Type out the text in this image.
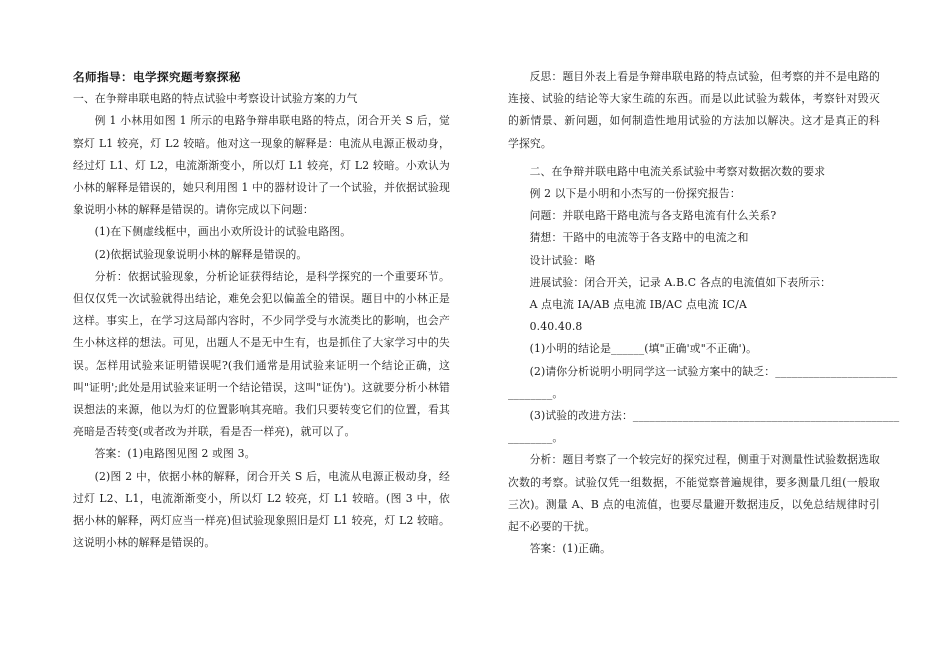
名师指导：电学探究题考察探秘

一、在争辩串联电路的特点试验中考察设计试验方案的力气

例 1 小林用如图 1 所示的电路争辩串联电路的特点，闭合开关 S 后，觉察灯 L1 较亮，灯 L2 较暗。他对这一现象的解释是：电流从电源正极动身，经过灯 L1、灯 L2，电流渐渐变小，所以灯 L1 较亮，灯 L2 较暗。小欢认为小林的解释是错误的，她只利用图 1 中的器材设计了一个试验，并依据试验现象说明小林的解释是错误的。请你完成以下问题：

(1)在下侧虚线框中，画出小欢所设计的试验电路图。

(2)依据试验现象说明小林的解释是错误的。

分析：依据试验现象，分析论证获得结论，是科学探究的一个重要环节。但仅仅凭一次试验就得出结论，难免会犯以偏盖全的错误。题目中的小林正是这样。事实上，在学习这局部内容时，不少同学受与水流类比的影响，也会产生小林这样的想法。可见，出题人不是无中生有，也是抓住了大家学习中的失误。怎样用试验来证明错误呢?(我们通常是用试验来证明一个结论正确，这叫"证明';此处是用试验来证明一个结论错误，这叫"证伪')。这就要分析小林错误想法的来源，他以为灯的位置影响其亮暗。我们只要转变它们的位置，看其亮暗是否转变(或者改为并联，看是否一样亮)，就可以了。

答案：(1)电路图见图 2 或图 3。

(2)图 2 中，依据小林的解释，闭合开关 S 后，电流从电源正极动身，经过灯 L2、L1，电流渐渐变小，所以灯 L2 较亮，灯 L1 较暗。(图 3 中，依据小林的解释，两灯应当一样亮)但试验现象照旧是灯 L1 较亮，灯 L2 较暗。这说明小林的解释是错误的。

反思：题目外表上看是争辩串联电路的特点试验，但考察的并不是电路的连接、试验的结论等大家生疏的东西。而是以此试验为载体，考察针对毁灭的新情景、新问题，如何制造性地用试验的方法加以解决。这才是真正的科学探究。

二、在争辩并联电路中电流关系试验中考察对数据次数的要求

例 2 以下是小明和小杰写的一份探究报告：

问题：并联电路干路电流与各支路电流有什么关系?

猜想：干路中的电流等于各支路中的电流之和

设计试验：略

进展试验：闭合开关，记录 A.B.C 各点的电流值如下表所示：

A 点电流 IA/AB 点电流 IB/AC 点电流 IC/A

0.40.40.8

(1)小明的结论是______(填"正确'或"不正确')。

(2)请你分析说明小明同学这一试验方案中的缺乏：______________________

________。

(3)试验的改进方法：________________________________________________

________。

分析：题目考察了一个较完好的探究过程，侧重于对测量性试验数据选取次数的考察。试验仅凭一组数据，不能觉察普遍规律，要多测量几组(一般取三次)。测量 A、B 点的电流值，也要尽量避开数据违反，以免总结规律时引起不必要的干扰。

答案：(1)正确。
